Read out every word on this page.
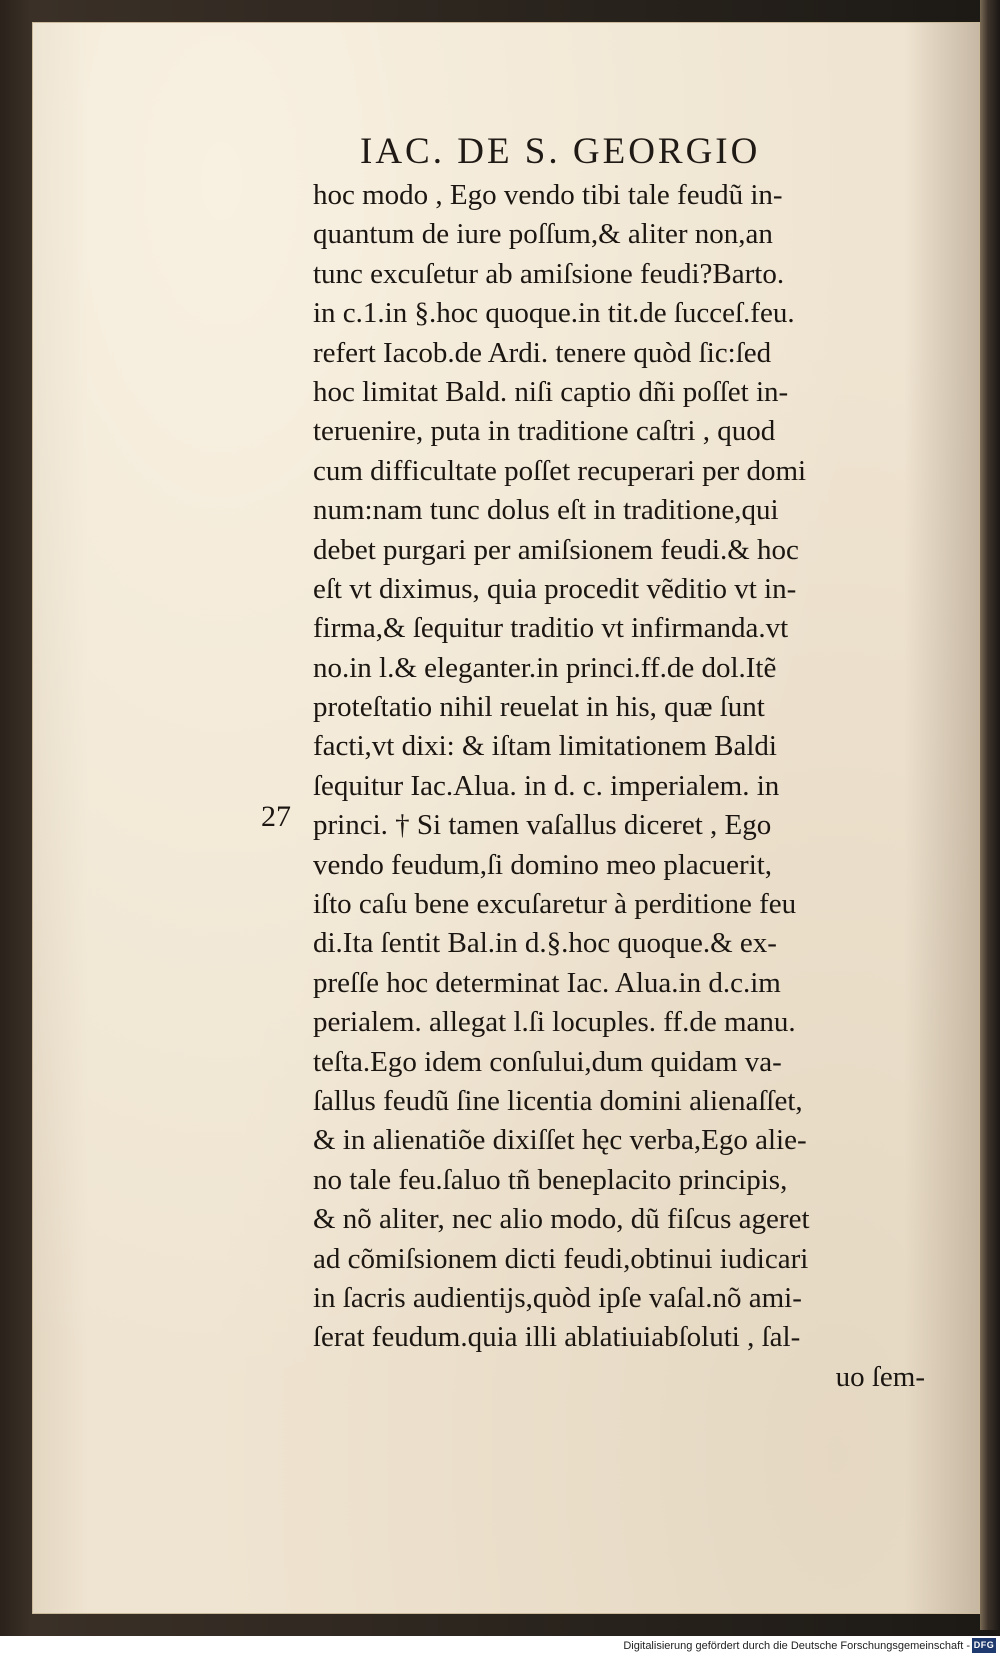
IAC. DE S. GEORGIO
27
hoc modo , Ego vendo tibi tale feudũ in-
quantum de iure poſſum,& aliter non,an
tunc excuſetur ab amiſsione feudi?Barto.
in c.1.in §.hoc quoque.in tit.de ſucceſ.feu.
refert Iacob.de Ardi. tenere quòd ſic:ſed
hoc limitat Bald. niſi captio dñi poſſet in-
teruenire, puta in traditione caſtri , quod
cum difficultate poſſet recuperari per domi
num:nam tunc dolus eſt in traditione,qui
debet purgari per amiſsionem feudi.& hoc
eſt vt diximus, quia procedit vẽditio vt in-
firma,& ſequitur traditio vt infirmanda.vt
no.in l.& eleganter.in princi.ff.de dol.Itẽ
proteſtatio nihil reuelat in his, quæ ſunt
facti,vt dixi: & iſtam limitationem Baldi
ſequitur Iac.Alua. in d. c. imperialem. in
princi. † Si tamen vaſallus diceret , Ego
vendo feudum,ſi domino meo placuerit,
iſto caſu bene excuſaretur à perditione feu
di.Ita ſentit Bal.in d.§.hoc quoque.& ex-
preſſe hoc determinat Iac. Alua.in d.c.im
perialem. allegat l.ſi locuples. ff.de manu.
teſta.Ego idem conſului,dum quidam va-
ſallus feudũ ſine licentia domini alienaſſet,
& in alienatiõe dixiſſet hęc verba,Ego alie-
no tale feu.ſaluo tñ beneplacito principis,
& nõ aliter, nec alio modo, dũ fiſcus ageret
ad cõmiſsionem dicti feudi,obtinui iudicari
in ſacris audientijs,quòd ipſe vaſal.nõ ami-
ſerat feudum.quia illi ablatiuiabſoluti , ſal-
uo ſem-
Digitalisierung gefördert durch die Deutsche Forschungsgemeinschaft - DFG
